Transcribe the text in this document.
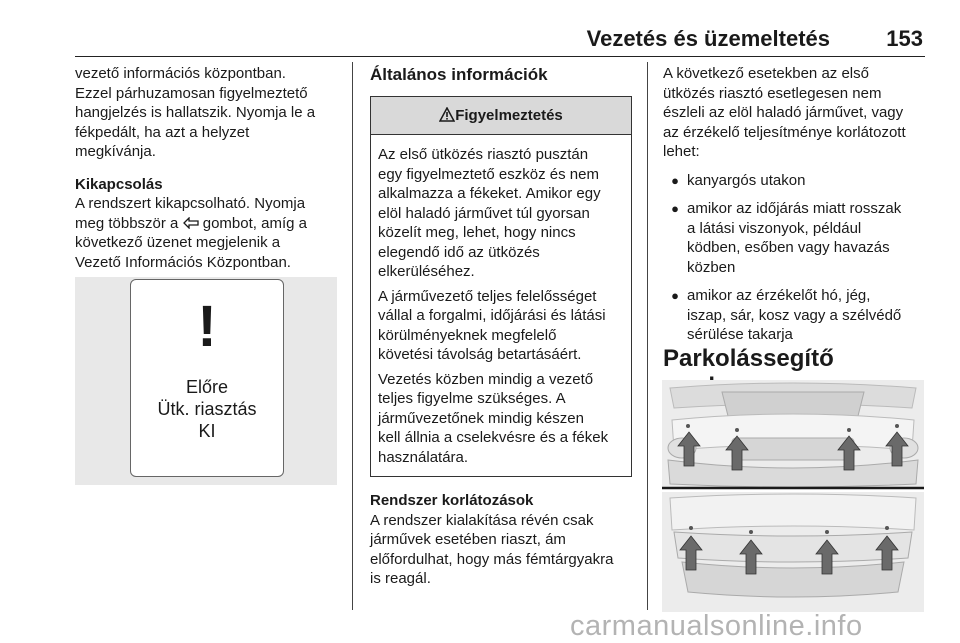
Vezetés és üzemeltetés	153

vezető információs központban.

Ezzel párhuzamosan figyelmeztető

hangjelzés is hallatszik. Nyomja le a

fékpedált, ha azt a helyzet

megkívánja.

Kikapcsolás

A rendszert kikapcsolható. Nyomja

meg többször a gombot, amíg a

következő üzenet megjelenik a

Vezető Információs Központban.

!
Előre
Ütk. riasztás
KI

Általános információk

Figyelmeztetés

Az első ütközés riasztó pusztán

egy figyelmeztető eszköz és nem

alkalmazza a fékeket. Amikor egy

elöl haladó járművet túl gyorsan

közelít meg, lehet, hogy nincs

elegendő idő az ütközés

elkerüléséhez.

A járművezető teljes felelősséget

vállal a forgalmi, időjárási és látási

körülményeknek megfelelő

követési távolság betartásáért.

Vezetés közben mindig a vezető

teljes figyelme szükséges. A

járművezetőnek mindig készen

kell állnia a cselekvésre és a fékek

használatára.

Rendszer korlátozások

A rendszer kialakítása révén csak

járművek esetében riaszt, ám

előfordulhat, hogy más fémtárgyakra

is reagál.

A következő esetekben az első

ütközés riasztó esetlegesen nem

észleli az elöl haladó járművet, vagy

az érzékelő teljesítménye korlátozott

lehet:

● kanyargós utakon

● amikor az időjárás miatt rosszak

a látási viszonyok, például

ködben, esőben vagy havazás

közben

● amikor az érzékelőt hó, jég,

iszap, sár, kosz vagy a szélvédő

sérülése takarja

Parkolássegítő

carmanualsonline.info
